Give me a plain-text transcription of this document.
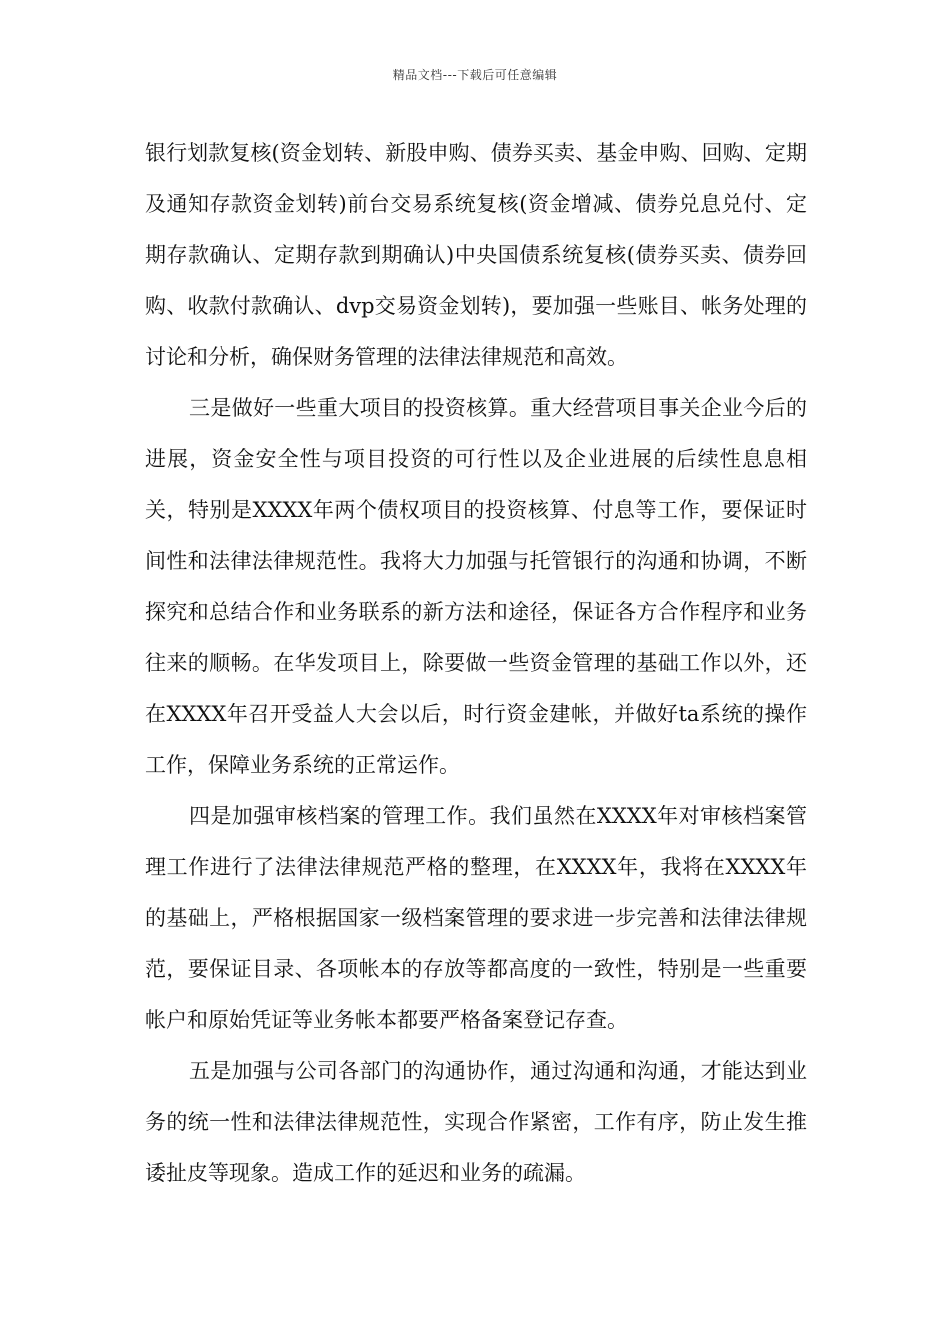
精品文档---下载后可任意编辑

银行划款复核(资金划转、新股申购、债券买卖、基金申购、回购、定期及通知存款资金划转)前台交易系统复核(资金增减、债券兑息兑付、定期存款确认、定期存款到期确认)中央国债系统复核(债券买卖、债券回购、收款付款确认、dvp交易资金划转)，要加强一些账目、帐务处理的讨论和分析，确保财务管理的法律法律规范和高效。

三是做好一些重大项目的投资核算。重大经营项目事关企业今后的进展，资金安全性与项目投资的可行性以及企业进展的后续性息息相关，特别是XXXX年两个债权项目的投资核算、付息等工作，要保证时间性和法律法律规范性。我将大力加强与托管银行的沟通和协调，不断探究和总结合作和业务联系的新方法和途径，保证各方合作程序和业务往来的顺畅。在华发项目上，除要做一些资金管理的基础工作以外，还在XXXX年召开受益人大会以后，时行资金建帐，并做好ta系统的操作工作，保障业务系统的正常运作。

四是加强审核档案的管理工作。我们虽然在XXXX年对审核档案管理工作进行了法律法律规范严格的整理，在XXXX年，我将在XXXX年的基础上，严格根据国家一级档案管理的要求进一步完善和法律法律规范，要保证目录、各项帐本的存放等都高度的一致性，特别是一些重要帐户和原始凭证等业务帐本都要严格备案登记存查。

五是加强与公司各部门的沟通协作，通过沟通和沟通，才能达到业务的统一性和法律法律规范性，实现合作紧密，工作有序，防止发生推诿扯皮等现象。造成工作的延迟和业务的疏漏。
